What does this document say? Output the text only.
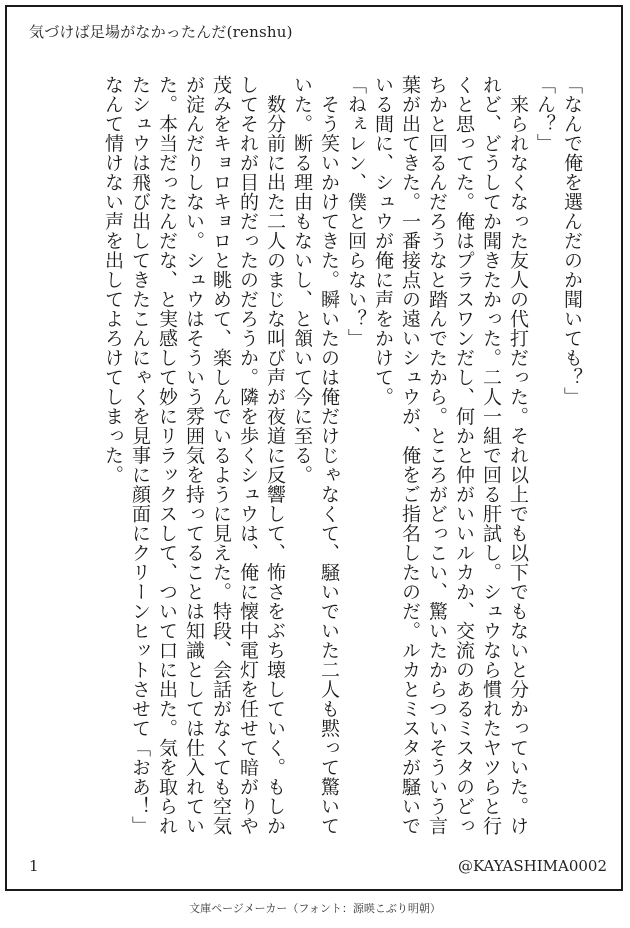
気づけば足場がなかったんだ(renshu)

「なんで俺を選んだのか聞いても？」

「ん？」

　来られなくなった友人の代打だった。それ以上でも以下でもないと分かっていた。けれど、どうしてか聞きたかった。二人一組で回る肝試し。シュウなら慣れたヤツらと行くと思ってた。俺はプラスワンだし、何かと仲がいいルカか、交流のあるミスタのどっちかと回るんだろうなと踏んでたから。ところがどっこい、驚いたからついそういう言葉が出てきた。一番接点の遠いシュウが、俺をご指名したのだ。ルカとミスタが騒いでいる間に、シュウが俺に声をかけて。

「ねぇレン、僕と回らない？」

　そう笑いかけてきた。瞬いたのは俺だけじゃなくて、騒いでいた二人も黙って驚いていた。断る理由もないし、と頷いて今に至る。

　数分前に出た二人のまじな叫び声が夜道に反響して、怖さをぶち壊していく。もしかしてそれが目的だったのだろうか。隣を歩くシュウは、俺に懐中電灯を任せて暗がりや茂みをキョロキョロと眺めて、楽しんでいるように見えた。特段、会話がなくても空気が淀んだりしない。シュウはそういう雰囲気を持ってることは知識としては仕入れていた。本当だったんだな、と実感して妙にリラックスして、ついて口に出た。気を取られたシュウは飛び出してきたこんにゃくを見事に顔面にクリーンヒットさせて「おあ！」なんて情けない声を出してよろけてしまった。

1	@KAYASHIMA0002
文庫ページメーカー（フォント：源暎こぶり明朝）
